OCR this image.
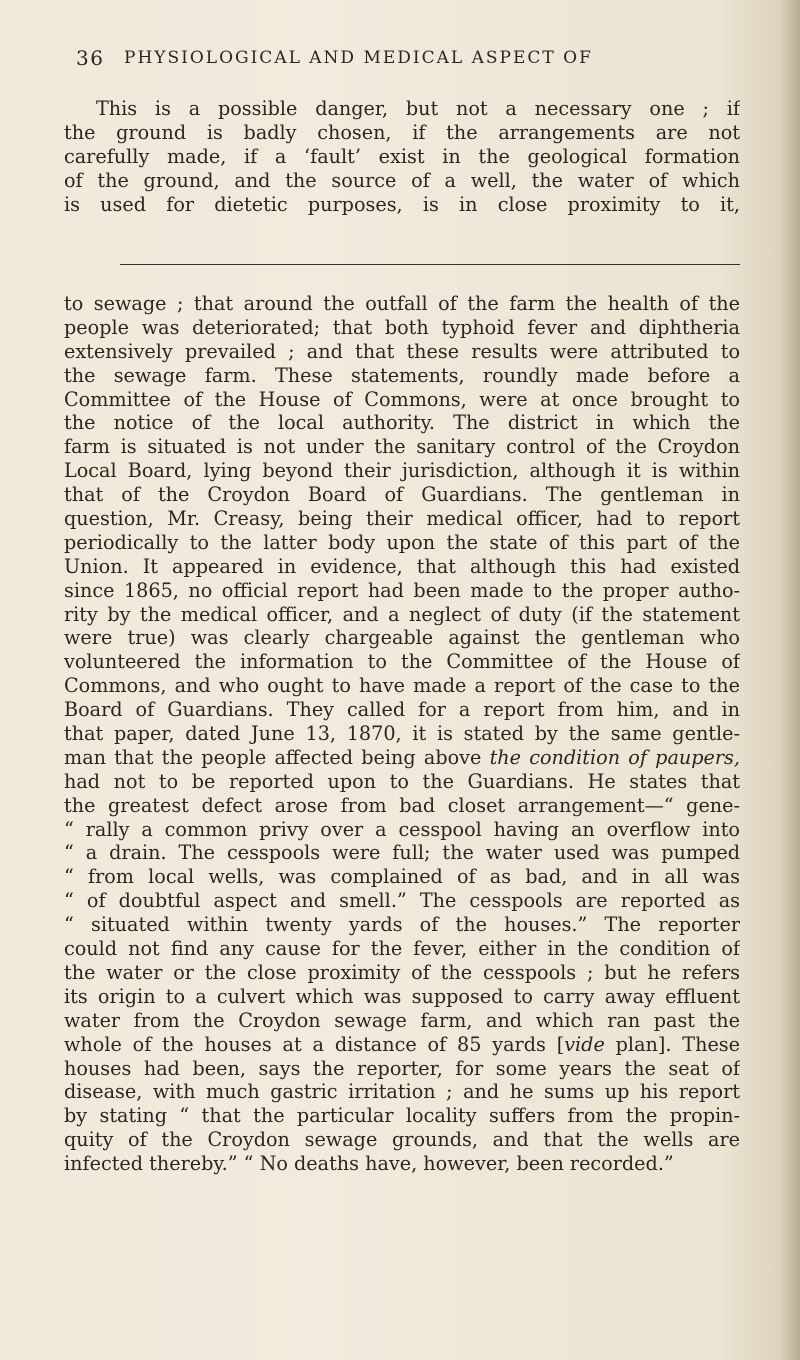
36 PHYSIOLOGICAL AND MEDICAL ASPECT OF
This is a possible danger, but not a necessary one ; if
the ground is badly chosen, if the arrangements are not
carefully made, if a ‘fault’ exist in the geological formation
of the ground, and the source of a well, the water of which
is used for dietetic purposes, is in close proximity to it,
to sewage ; that around the outfall of the farm the health of the
people was deteriorated; that both typhoid fever and diphtheria
extensively prevailed ; and that these results were attributed to
the sewage farm. These statements, roundly made before a
Committee of the House of Commons, were at once brought to
the notice of the local authority. The district in which the
farm is situated is not under the sanitary control of the Croydon
Local Board, lying beyond their jurisdiction, although it is within
that of the Croydon Board of Guardians. The gentleman in
question, Mr. Creasy, being their medical officer, had to report
periodically to the latter body upon the state of this part of the
Union. It appeared in evidence, that although this had existed
since 1865, no official report had been made to the proper autho-
rity by the medical officer, and a neglect of duty (if the statement
were true) was clearly chargeable against the gentleman who
volunteered the information to the Committee of the House of
Commons, and who ought to have made a report of the case to the
Board of Guardians. They called for a report from him, and in
that paper, dated June 13, 1870, it is stated by the same gentle-
man that the people affected being above the condition of paupers,
had not to be reported upon to the Guardians. He states that
the greatest defect arose from bad closet arrangement—“ gene-
“ rally a common privy over a cesspool having an overflow into
“ a drain. The cesspools were full; the water used was pumped
“ from local wells, was complained of as bad, and in all was
“ of doubtful aspect and smell.” The cesspools are reported as
“ situated within twenty yards of the houses.” The reporter
could not find any cause for the fever, either in the condition of
the water or the close proximity of the cesspools ; but he refers
its origin to a culvert which was supposed to carry away effluent
water from the Croydon sewage farm, and which ran past the
whole of the houses at a distance of 85 yards [vide plan]. These
houses had been, says the reporter, for some years the seat of
disease, with much gastric irritation ; and he sums up his report
by stating “ that the particular locality suffers from the propin-
quity of the Croydon sewage grounds, and that the wells are
infected thereby.” “ No deaths have, however, been recorded.”
